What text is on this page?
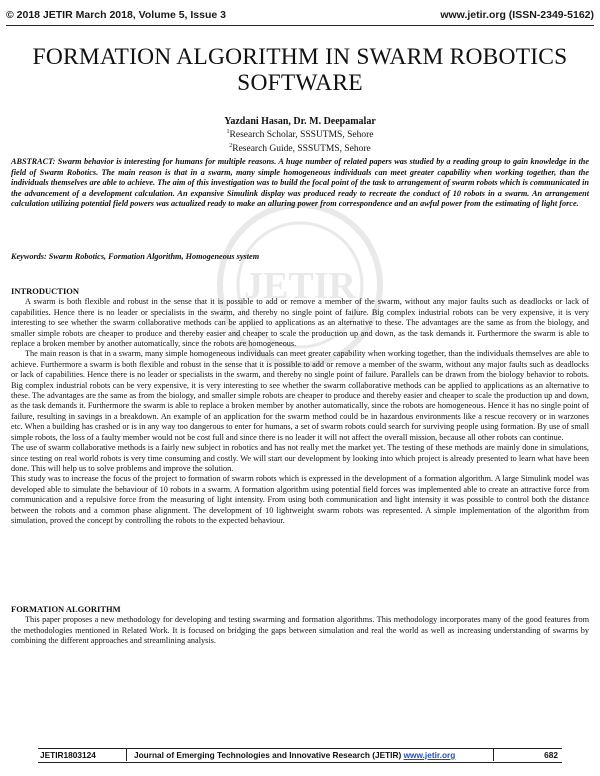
© 2018 JETIR March 2018, Volume 5, Issue 3	www.jetir.org (ISSN-2349-5162)
JETIR
FORMATION ALGORITHM IN SWARM ROBOTICS SOFTWARE
Yazdani Hasan, Dr. M. Deepamalar
$^1$Research Scholar, SSSUTMS, Sehore
$^2$Research Guide, SSSUTMS, Sehore
ABSTRACT: Swarm behavior is interesting for humans for multiple reasons. A huge number of related papers was studied by a reading group to gain knowledge in the field of Swarm Robotics. The main reason is that in a swarm, many simple homogeneous individuals can meet greater capability when working together, than the individuals themselves are able to achieve. The aim of this investigation was to build the focal point of the task to arrangement of swarm robots which is communicated in the advancement of a development calculation. An expansive Simulink display was produced ready to recreate the conduct of 10 robots in a swarm. An arrangement calculation utilizing potential field powers was actualized ready to make an alluring power from correspondence and an awful power from the estimating of light force.
Keywords: Swarm Robotics, Formation Algorithm, Homogeneous system
INTRODUCTION

A swarm is both flexible and robust in the sense that it is possible to add or remove a member of the swarm, without any major faults such as deadlocks or lack of capabilities. Hence there is no leader or specialists in the swarm, and thereby no single point of failure. Big complex industrial robots can be very expensive, it is very interesting to see whether the swarm collaborative methods can be applied to applications as an alternative to these. The advantages are the same as from the biology, and smaller simple robots are cheaper to produce and thereby easier and cheaper to scale the production up and down, as the task demands it. Furthermore the swarm is able to replace a broken member by another automatically, since the robots are homogeneous.

The main reason is that in a swarm, many simple homogeneous individuals can meet greater capability when working together, than the individuals themselves are able to achieve. Furthermore a swarm is both flexible and robust in the sense that it is possible to add or remove a member of the swarm, without any major faults such as deadlocks or lack of capabilities. Hence there is no leader or specialists in the swarm, and thereby no single point of failure. Parallels can be drawn from the biology behavior to robots. Big complex industrial robots can be very expensive, it is very interesting to see whether the swarm collaborative methods can be applied to applications as an alternative to these. The advantages are the same as from the biology, and smaller simple robots are cheaper to produce and thereby easier and cheaper to scale the production up and down, as the task demands it. Furthermore the swarm is able to replace a broken member by another automatically, since the robots are homogeneous. Hence it has no single point of failure, resulting in savings in a breakdown. An example of an application for the swarm method could be in hazardous environments like a rescue recovery or in warzones etc. When a building has crashed or is in any way too dangerous to enter for humans, a set of swarm robots could search for surviving people using formation. By use of small simple robots, the loss of a faulty member would not be cost full and since there is no leader it will not affect the overall mission, because all other robots can continue.

The use of swarm collaborative methods is a fairly new subject in robotics and has not really met the market yet. The testing of these methods are mainly done in simulations, since testing on real world robots is very time consuming and costly. We will start our development by looking into which project is already presented to learn what have been done. This will help us to solve problems and improve the solution.

This study was to increase the focus of the project to formation of swarm robots which is expressed in the development of a formation algorithm. A large Simulink model was developed able to simulate the behaviour of 10 robots in a swarm. A formation algorithm using potential field forces was implemented able to create an attractive force from communication and a repulsive force from the measuring of light intensity. From using both communication and light intensity it was possible to control both the distance between the robots and a common phase alignment. The development of 10 lightweight swarm robots was represented. A simple implementation of the algorithm from simulation, proved the concept by controlling the robots to the expected behaviour.

FORMATION ALGORITHM

This paper proposes a new methodology for developing and testing swarming and formation algorithms. This methodology incorporates many of the good features from the methodologies mentioned in Related Work. It is focused on bridging the gaps between simulation and real the world as well as increasing understanding of swarms by combining the different approaches and streamlining analysis.

JETIR1803124	Journal of Emerging Technologies and Innovative Research (JETIR) www.jetir.org	682
